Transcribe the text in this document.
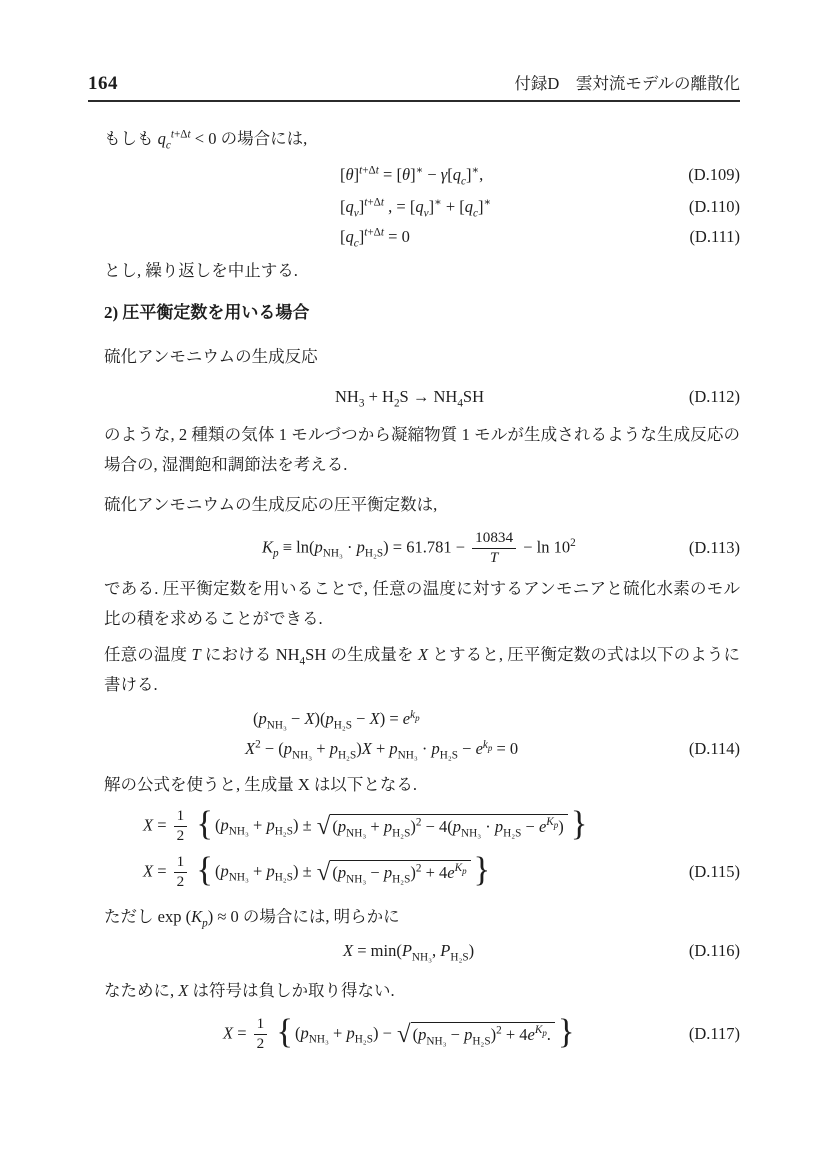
164	付録D　雲対流モデルの離散化

もしも $q_c^{t+\Delta t} < 0$ の場合には,

$[\theta]^{t+\Delta t} = [\theta]^∗ - \gamma[q_c]^∗$,	(D.109)
$[q_v]^{t+\Delta t}$ , = $[q_v]^∗ + [q_c]^∗$	(D.110)
$[q_c]^{t+\Delta t} = 0$	(D.111)

とし, 繰り返しを中止する.

2) 圧平衡定数を用いる場合

硫化アンモニウムの生成反応

$NH_3 + H_2S \to NH_4SH$	(D.112)

のような, 2 種類の気体 1 モルづつから凝縮物質 1 モルが生成されるような生成反応の場合の, 湿潤飽和調節法を考える.

硫化アンモニウムの生成反応の圧平衡定数は,

$K_p \equiv \ln(p_{NH_3} \cdot p_{H_2S}) = 61.781 - \frac{10834}{T} - \ln 10^2$	(D.113)

である. 圧平衡定数を用いることで, 任意の温度に対するアンモニアと硫化水素のモル比の積を求めることができる.

任意の温度 T における $NH_4SH$ の生成量を X とすると, 圧平衡定数の式は以下のように書ける.

$(p_{NH_3} - X)(p_{H_2S} - X) = e^{k_p}$
$X^2 - (p_{NH_3} + p_{H_2S})X + p_{NH_3} \cdot p_{H_2S} - e^{k_p} = 0$	(D.114)

解の公式を使うと, 生成量 X は以下となる.

$X = \frac{1}{2}$ { $(p_{NH_3} + p_{H_2S})$ ± √ $(p_{NH_3} + p_{H_2S})^2 - 4(p_{NH_3} \cdot p_{H_2S} - e^{K_p})$ }
$X = \frac{1}{2}$ { $(p_{NH_3} + p_{H_2S})$ ± √ $(p_{NH_3} - p_{H_2S})^2 + 4e^{K_p}$ }	(D.115)

ただし $\exp (K_p) \approx 0$ の場合には, 明らかに

$X = \min(P_{NH_3}$, $P_{H_2S}$)	(D.116)

なために, X は符号は負しか取り得ない.

$X = \frac{1}{2}$ { $(p_{NH_3} + p_{H_2S})$ − √ $(p_{NH_3} - p_{H_2S})^2 + 4e^{K_p}$. }	(D.117)
